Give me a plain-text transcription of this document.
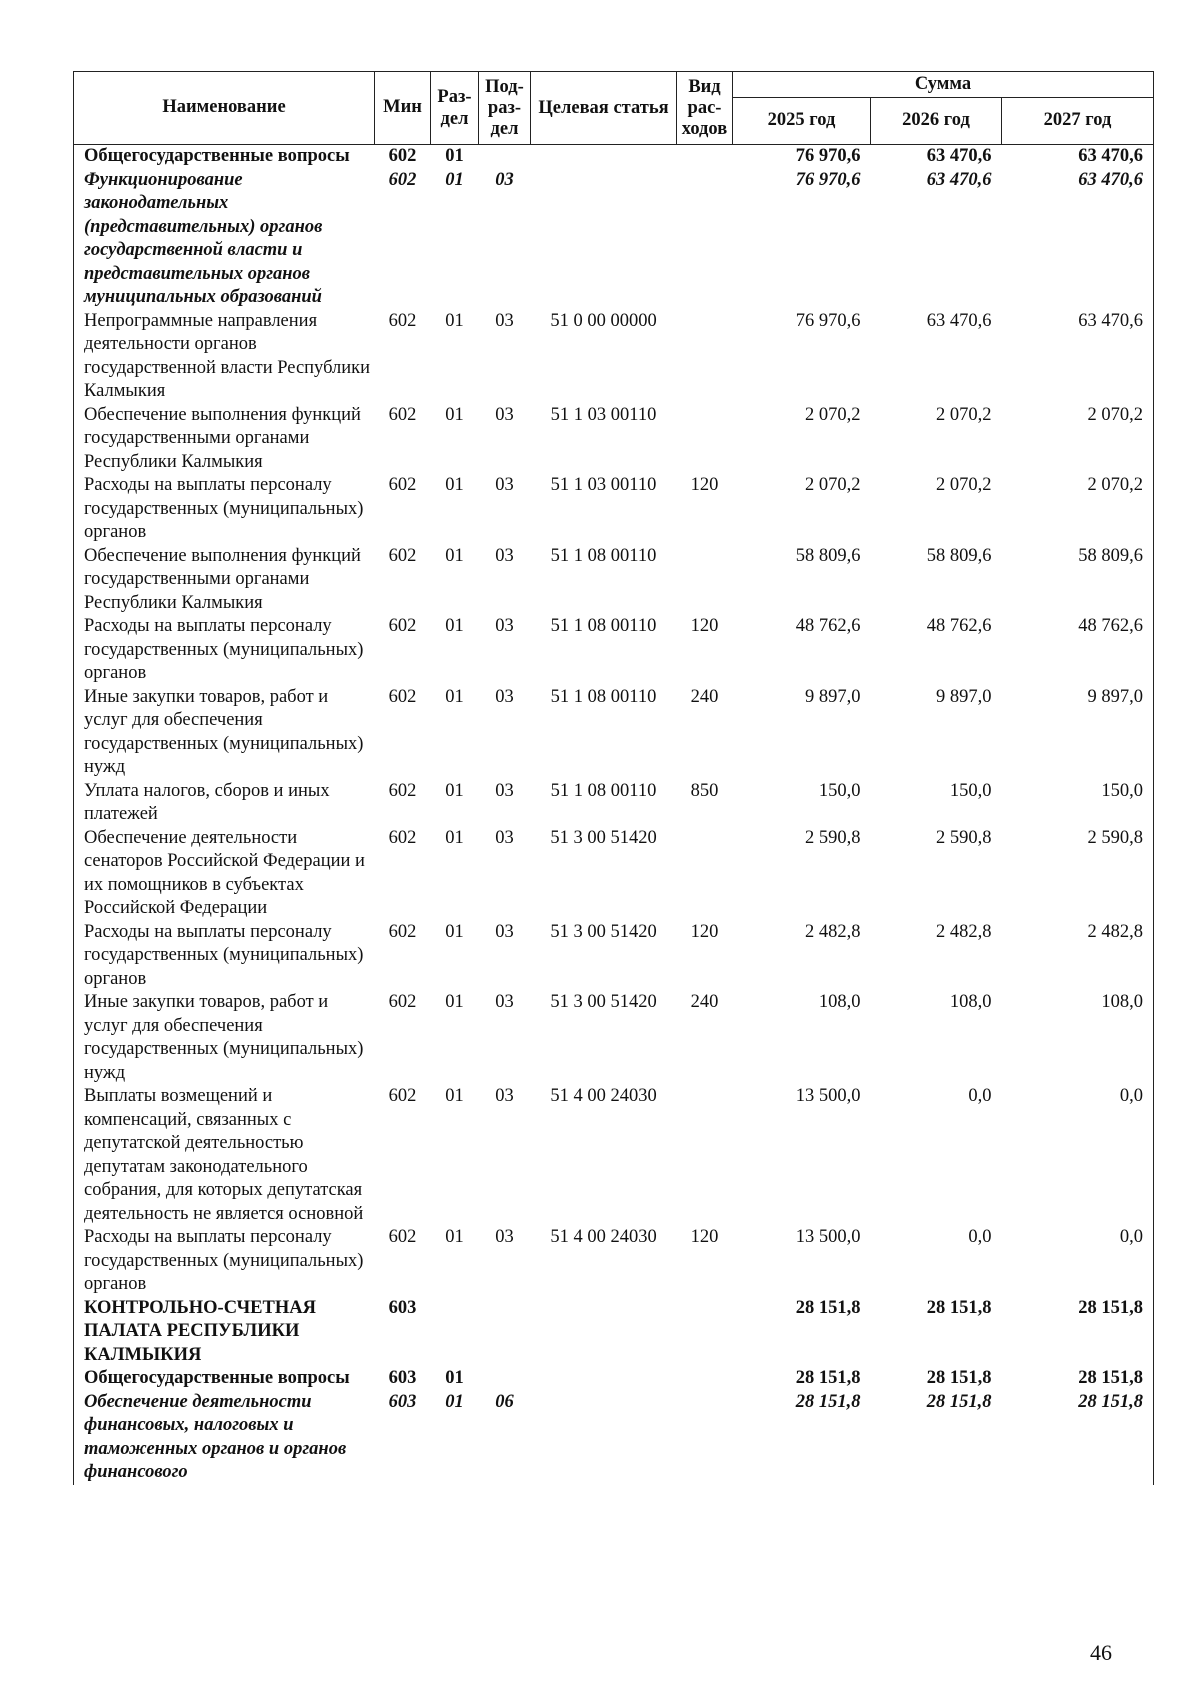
Наименование	Мин	Раз- дел	Под- раз- дел	Целевая статья	Вид рас- ходов	Сумма		
						2025 год	2026 год	2027 год
Общегосударственные вопросы	602	01				76 970,6	63 470,6	63 470,6
Функционирование законодательных (представительных) органов государственной власти и представительных органов муниципальных образований	602	01	03			76 970,6	63 470,6	63 470,6
Непрограммные направления деятельности органов государственной власти Республики Калмыкия	602	01	03	51 0 00 00000		76 970,6	63 470,6	63 470,6
Обеспечение выполнения функций государственными органами Республики Калмыкия	602	01	03	51 1 03 00110		2 070,2	2 070,2	2 070,2
Расходы на выплаты персоналу государственных (муниципальных) органов	602	01	03	51 1 03 00110	120	2 070,2	2 070,2	2 070,2
Обеспечение выполнения функций государственными органами Республики Калмыкия	602	01	03	51 1 08 00110		58 809,6	58 809,6	58 809,6
Расходы на выплаты персоналу государственных (муниципальных) органов	602	01	03	51 1 08 00110	120	48 762,6	48 762,6	48 762,6
Иные закупки товаров, работ и услуг для обеспечения государственных (муниципальных) нужд	602	01	03	51 1 08 00110	240	9 897,0	9 897,0	9 897,0
Уплата налогов, сборов и иных платежей	602	01	03	51 1 08 00110	850	150,0	150,0	150,0
Обеспечение деятельности сенаторов Российской Федерации и их помощников в субъектах Российской Федерации	602	01	03	51 3 00 51420		2 590,8	2 590,8	2 590,8
Расходы на выплаты персоналу государственных (муниципальных) органов	602	01	03	51 3 00 51420	120	2 482,8	2 482,8	2 482,8
Иные закупки товаров, работ и услуг для обеспечения государственных (муниципальных) нужд	602	01	03	51 3 00 51420	240	108,0	108,0	108,0
Выплаты возмещений и компенсаций, связанных с депутатской деятельностью депутатам законодательного собрания, для которых депутатская деятельность не является основной	602	01	03	51 4 00 24030		13 500,0	0,0	0,0
Расходы на выплаты персоналу государственных (муниципальных) органов	602	01	03	51 4 00 24030	120	13 500,0	0,0	0,0
КОНТРОЛЬНО-СЧЕТНАЯ ПАЛАТА РЕСПУБЛИКИ КАЛМЫКИЯ	603					28 151,8	28 151,8	28 151,8
Общегосударственные вопросы	603	01				28 151,8	28 151,8	28 151,8
Обеспечение деятельности финансовых, налоговых и таможенных органов и органов финансового	603	01	06			28 151,8	28 151,8	28 151,8
46
